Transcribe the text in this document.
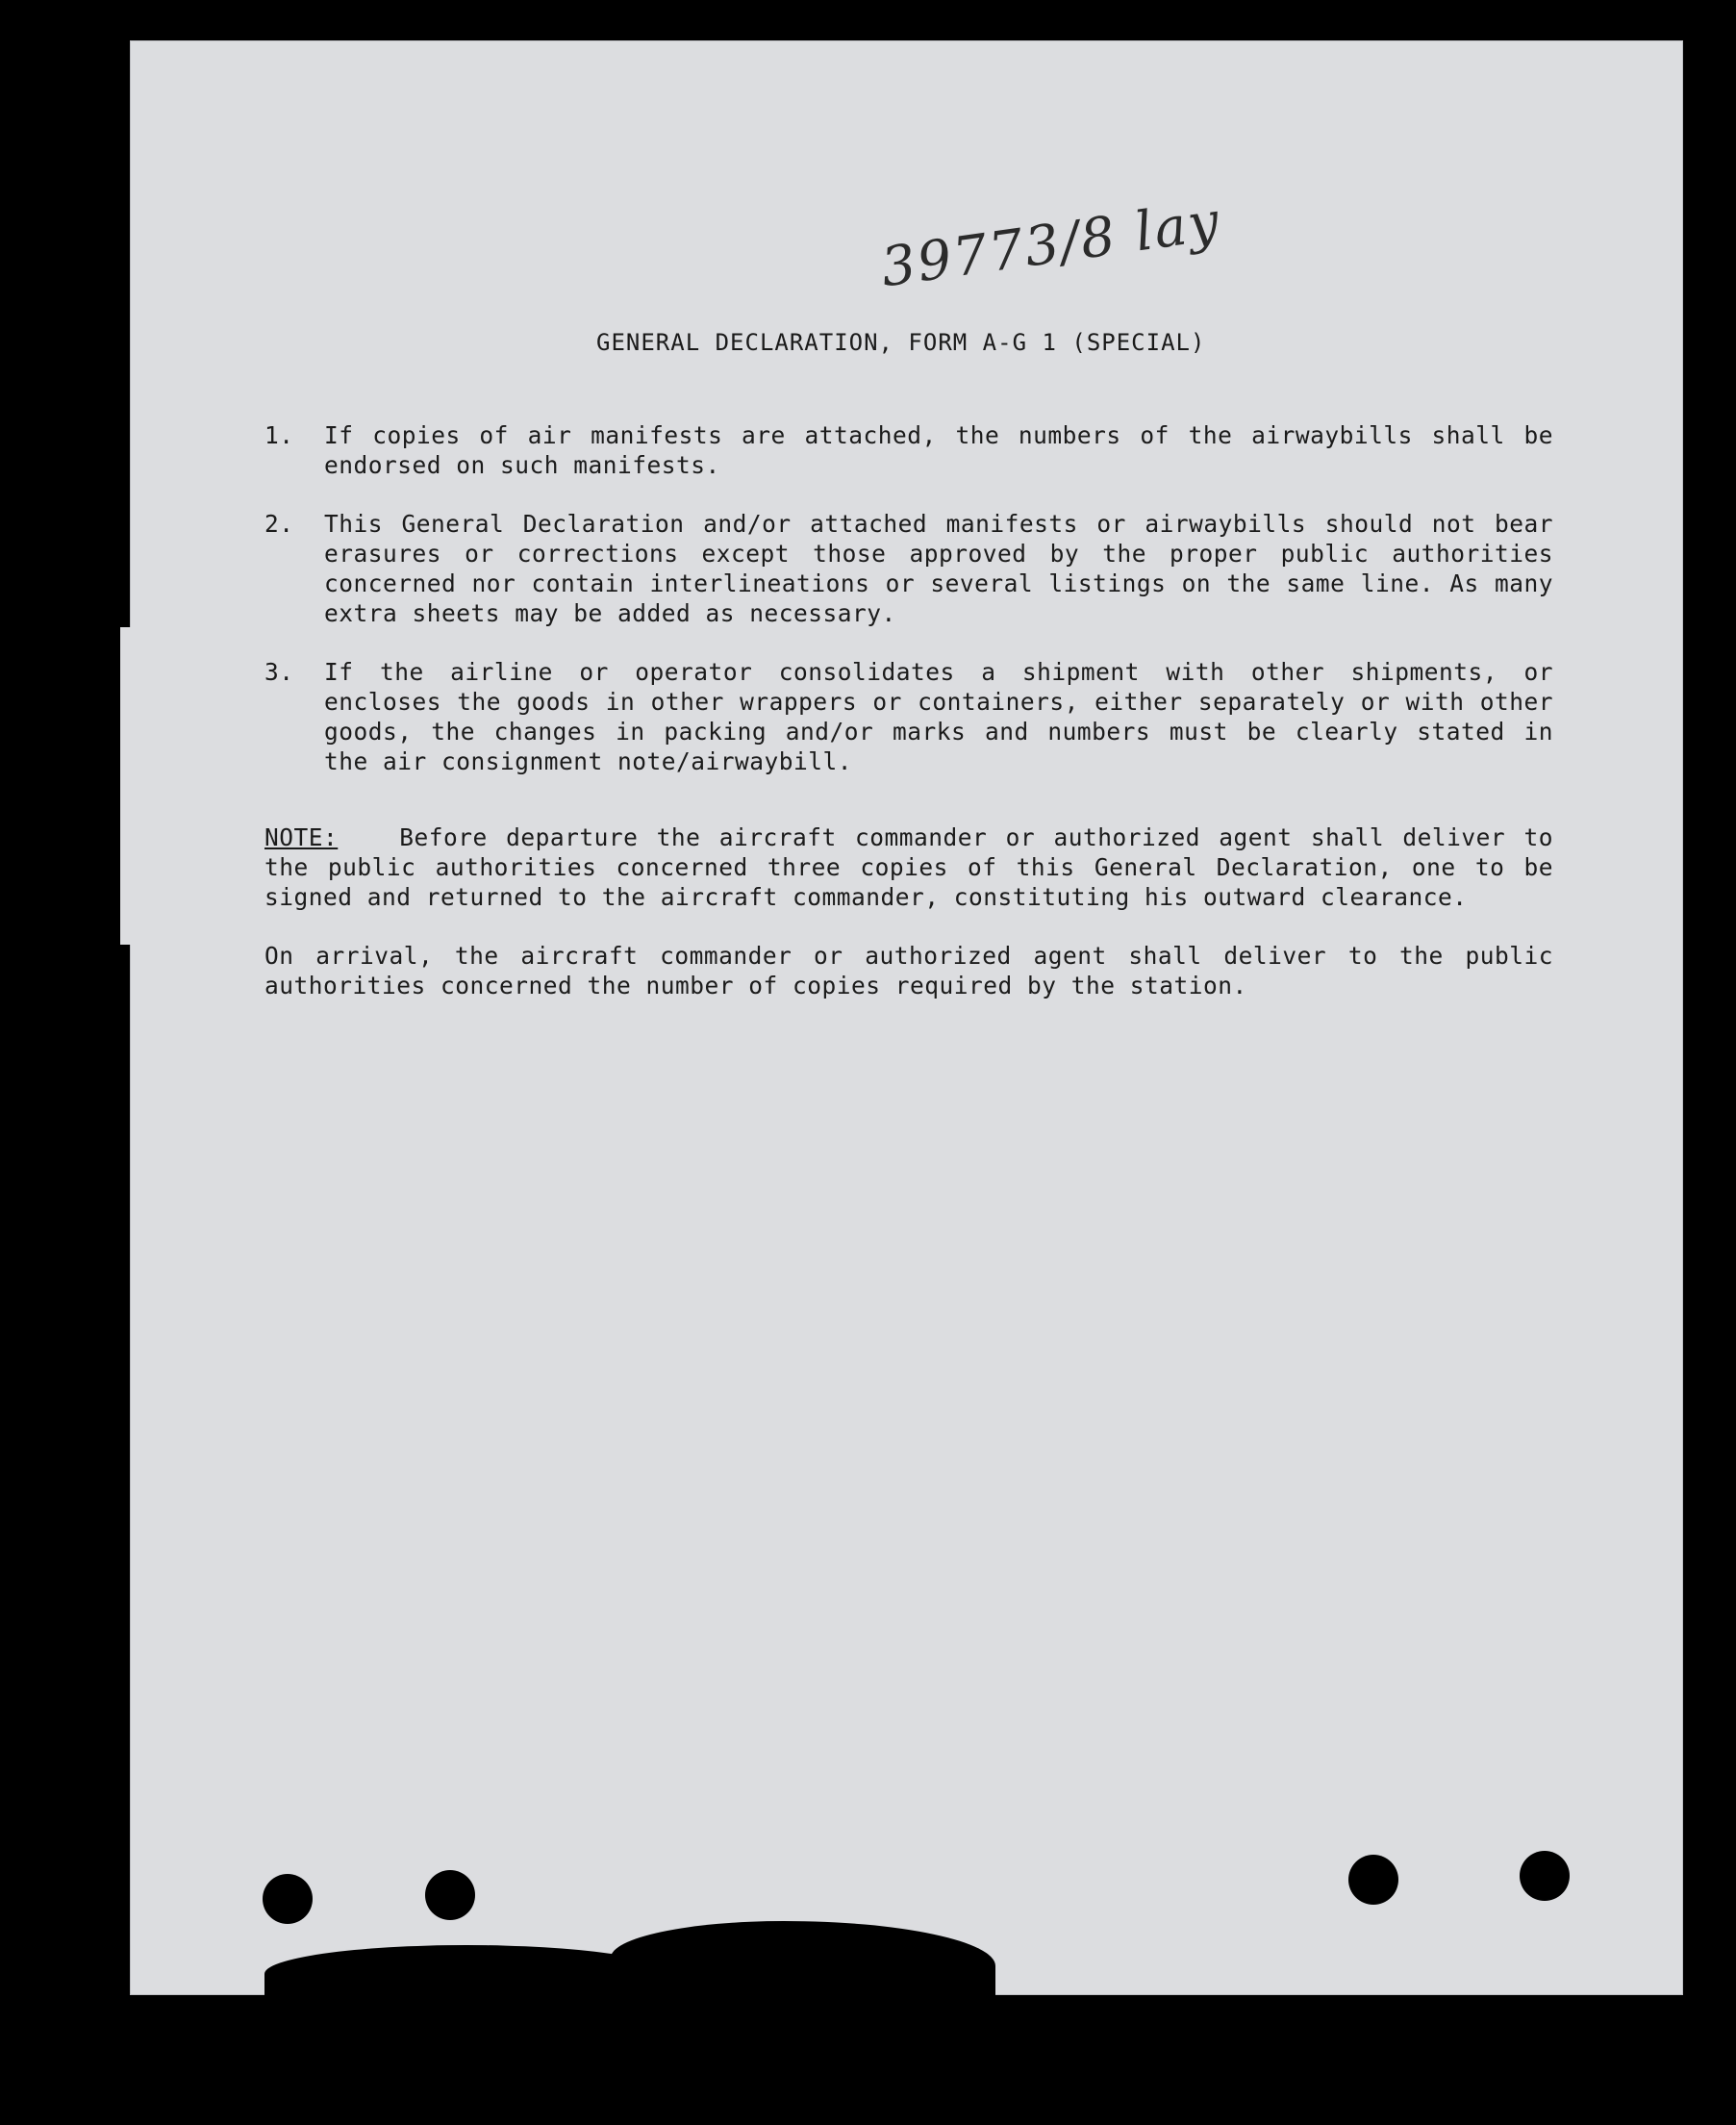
39773/8 lay
GENERAL DECLARATION, FORM A-G 1 (SPECIAL)
1.	If copies of air manifests are attached, the numbers of the airwaybills shall be endorsed on such manifests.
2.	This General Declaration and/or attached manifests or airwaybills should not bear erasures or corrections except those approved by the proper public authorities concerned nor contain interlineations or several listings on the same line. As many extra sheets may be added as necessary.
3.	If the airline or operator consolidates a shipment with other shipments, or encloses the goods in other wrappers or containers, either separately or with other goods, the changes in packing and/or marks and numbers must be clearly stated in the air consignment note/airwaybill.
NOTE:	Before departure the aircraft commander or authorized agent shall deliver to the public authorities concerned three copies of this General Declaration, one to be signed and returned to the aircraft commander, constituting his outward clearance.
On arrival, the aircraft commander or authorized agent shall deliver to the public authorities concerned the number of copies required by the station.
